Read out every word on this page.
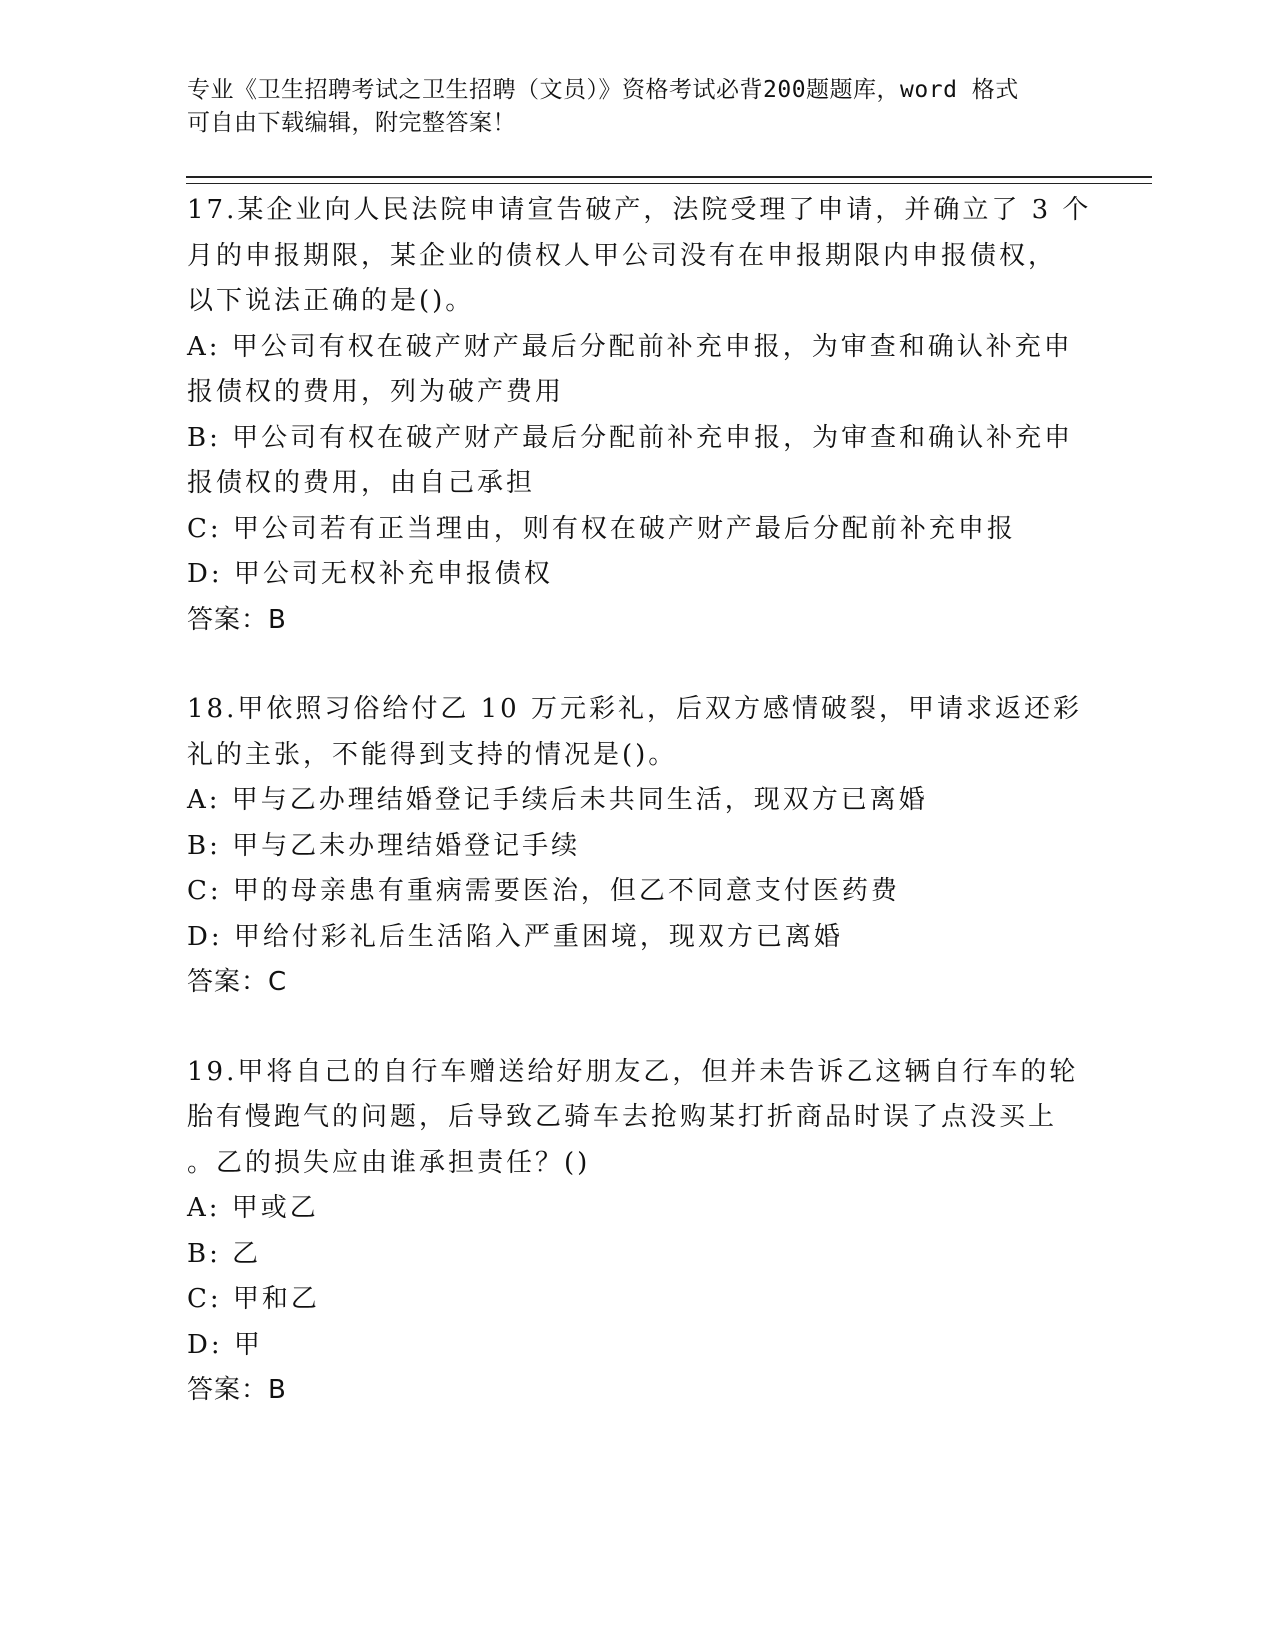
专业《卫生招聘考试之卫生招聘（文员）》资格考试必背200题题库，word 格式
可自由下载编辑，附完整答案！
17.某企业向人民法院申请宣告破产，法院受理了申请，并确立了 3 个
月的申报期限，某企业的债权人甲公司没有在申报期限内申报债权，
以下说法正确的是()。
A: 甲公司有权在破产财产最后分配前补充申报，为审查和确认补充申
报债权的费用，列为破产费用
B: 甲公司有权在破产财产最后分配前补充申报，为审查和确认补充申
报债权的费用，由自己承担
C: 甲公司若有正当理由，则有权在破产财产最后分配前补充申报
D: 甲公司无权补充申报债权
答案：B
18.甲依照习俗给付乙 10 万元彩礼，后双方感情破裂，甲请求返还彩
礼的主张，不能得到支持的情况是()。
A: 甲与乙办理结婚登记手续后未共同生活，现双方已离婚
B: 甲与乙未办理结婚登记手续
C: 甲的母亲患有重病需要医治，但乙不同意支付医药费
D: 甲给付彩礼后生活陷入严重困境，现双方已离婚
答案：C
19.甲将自己的自行车赠送给好朋友乙，但并未告诉乙这辆自行车的轮
胎有慢跑气的问题，后导致乙骑车去抢购某打折商品时误了点没买上
。乙的损失应由谁承担责任？()
A: 甲或乙
B: 乙
C: 甲和乙
D: 甲
答案：B
